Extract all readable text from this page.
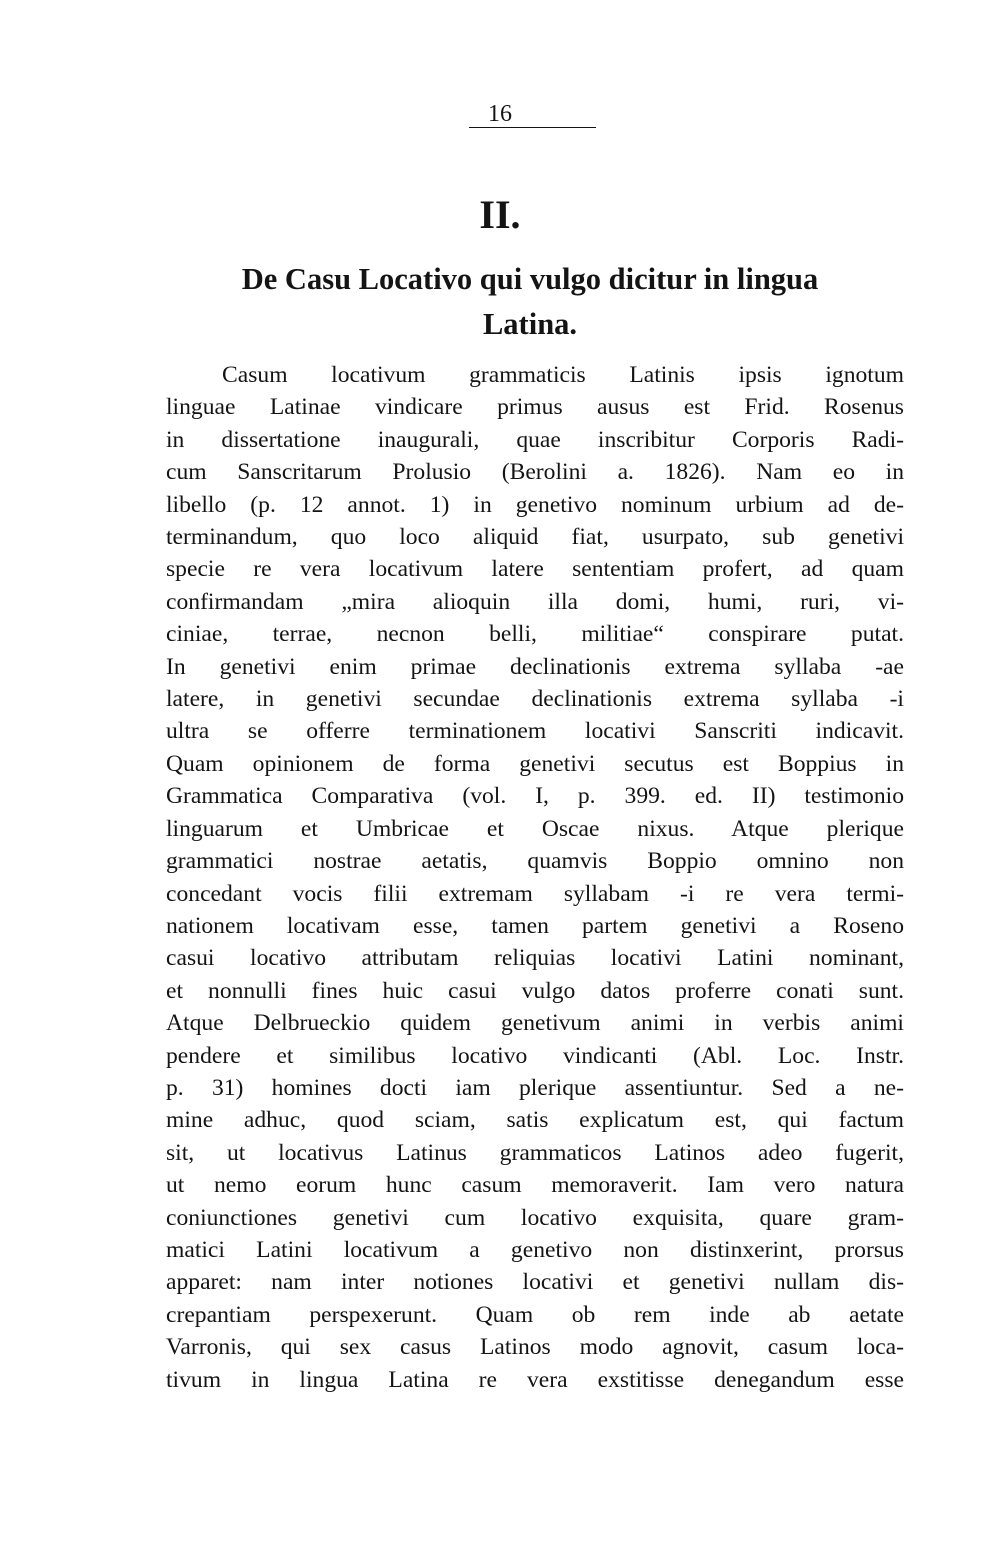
16
II.
De Casu Locativo qui vulgo dicitur in lingua
Latina.
Casum locativum grammaticis Latinis ipsis ignotum
linguae Latinae vindicare primus ausus est Frid. Rosenus
in dissertatione inaugurali, quae inscribitur Corporis Radi-
cum Sanscritarum Prolusio (Berolini a. 1826). Nam eo in
libello (p. 12 annot. 1) in genetivo nominum urbium ad de-
terminandum, quo loco aliquid fiat, usurpato, sub genetivi
specie re vera locativum latere sententiam profert, ad quam
confirmandam „mira alioquin illa domi, humi, ruri, vi-
ciniae, terrae, necnon belli, militiae“ conspirare putat.
In genetivi enim primae declinationis extrema syllaba -ae
latere, in genetivi secundae declinationis extrema syllaba -i
ultra se offerre terminationem locativi Sanscriti indicavit.
Quam opinionem de forma genetivi secutus est Boppius in
Grammatica Comparativa (vol. I, p. 399. ed. II) testimonio
linguarum et Umbricae et Oscae nixus. Atque plerique
grammatici nostrae aetatis, quamvis Boppio omnino non
concedant vocis filii extremam syllabam -i re vera termi-
nationem locativam esse, tamen partem genetivi a Roseno
casui locativo attributam reliquias locativi Latini nominant,
et nonnulli fines huic casui vulgo datos proferre conati sunt.
Atque Delbrueckio quidem genetivum animi in verbis animi
pendere et similibus locativo vindicanti (Abl. Loc. Instr.
p. 31) homines docti iam plerique assentiuntur. Sed a ne-
mine adhuc, quod sciam, satis explicatum est, qui factum
sit, ut locativus Latinus grammaticos Latinos adeo fugerit,
ut nemo eorum hunc casum memoraverit. Iam vero natura
coniunctiones genetivi cum locativo exquisita, quare gram-
matici Latini locativum a genetivo non distinxerint, prorsus
apparet: nam inter notiones locativi et genetivi nullam dis-
crepantiam perspexerunt. Quam ob rem inde ab aetate
Varronis, qui sex casus Latinos modo agnovit, casum loca-
tivum in lingua Latina re vera exstitisse denegandum esse
